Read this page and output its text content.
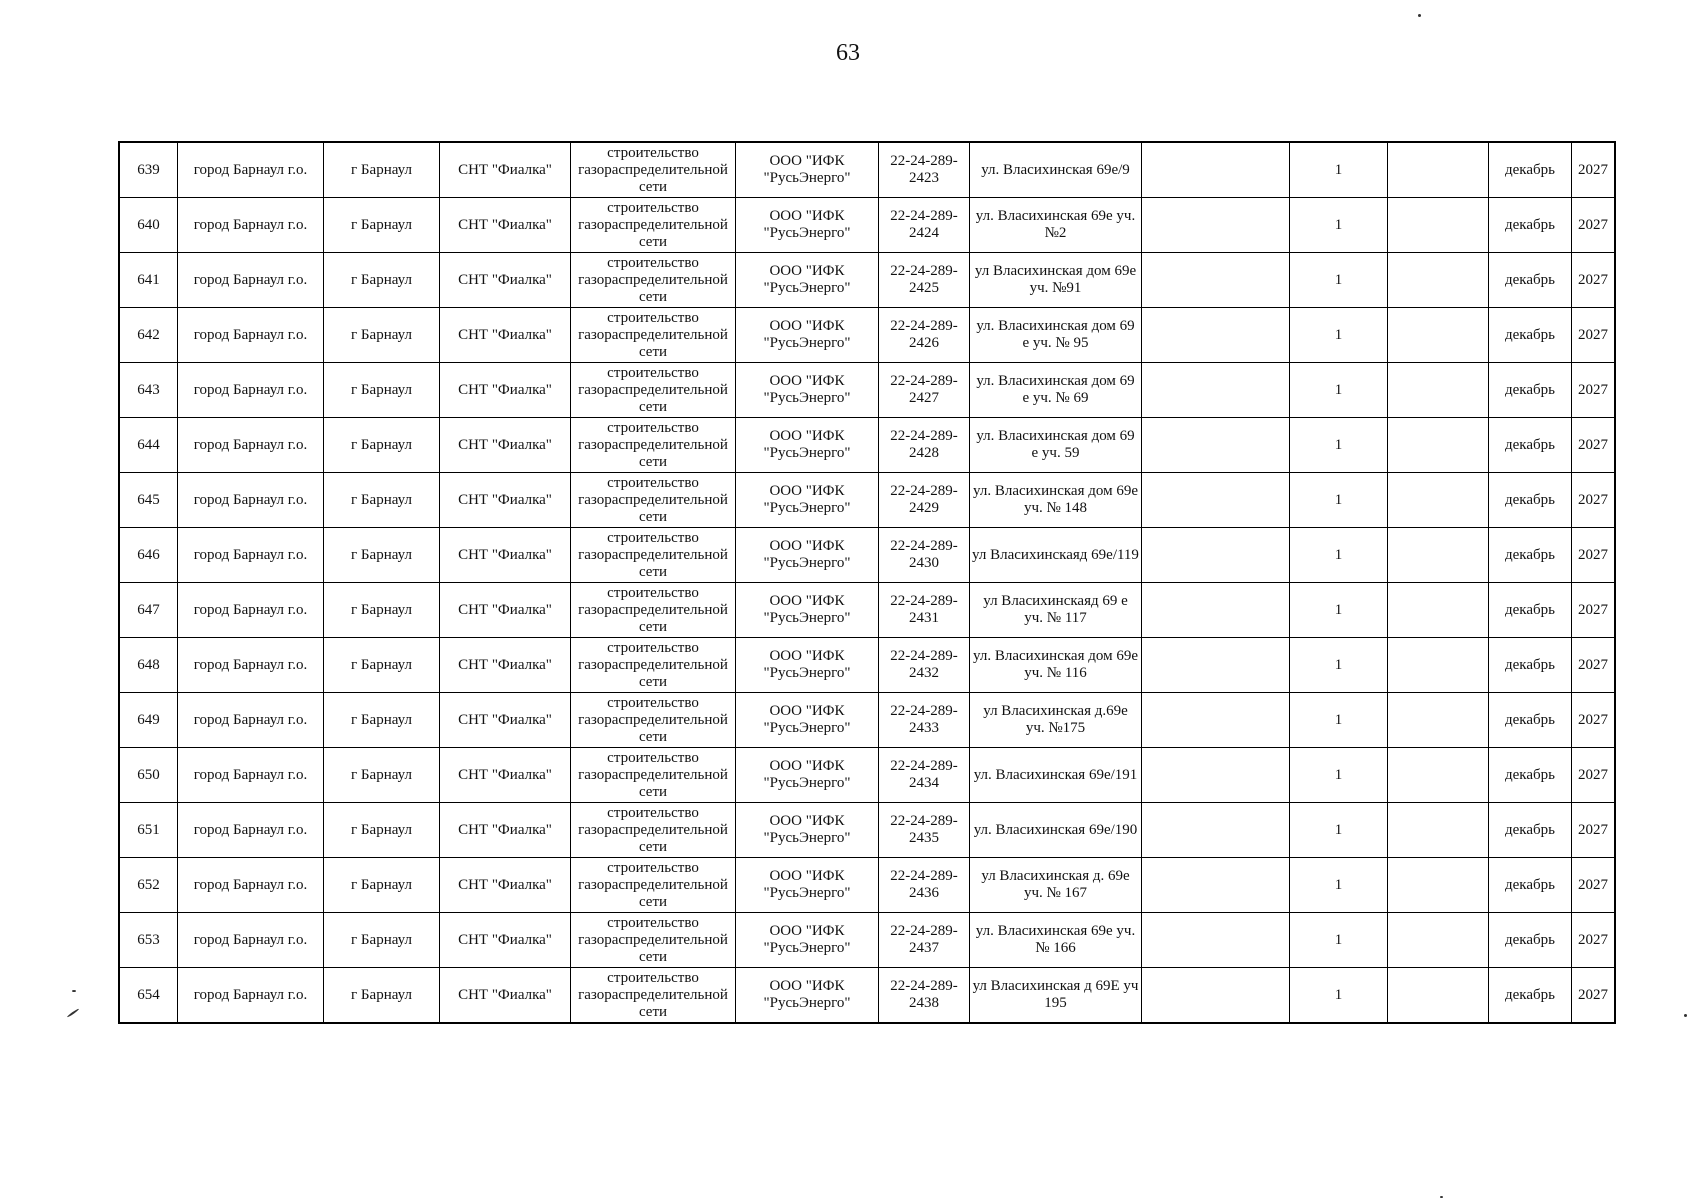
63
639	город Барнаул г.о.	г Барнаул	СНТ "Фиалка"	строительство газораспределительной сети	ООО "ИФК "РусьЭнерго"	22-24-289-2423	ул. Власихинская 69е/9		1		декабрь	2027
640	город Барнаул г.о.	г Барнаул	СНТ "Фиалка"	строительство газораспределительной сети	ООО "ИФК "РусьЭнерго"	22-24-289-2424	ул. Власихинская 69е уч. №2		1		декабрь	2027
641	город Барнаул г.о.	г Барнаул	СНТ "Фиалка"	строительство газораспределительной сети	ООО "ИФК "РусьЭнерго"	22-24-289-2425	ул Власихинская дом 69е уч. №91		1		декабрь	2027
642	город Барнаул г.о.	г Барнаул	СНТ "Фиалка"	строительство газораспределительной сети	ООО "ИФК "РусьЭнерго"	22-24-289-2426	ул. Власихинская дом 69 е уч. № 95		1		декабрь	2027
643	город Барнаул г.о.	г Барнаул	СНТ "Фиалка"	строительство газораспределительной сети	ООО "ИФК "РусьЭнерго"	22-24-289-2427	ул. Власихинская дом 69 е уч. № 69		1		декабрь	2027
644	город Барнаул г.о.	г Барнаул	СНТ "Фиалка"	строительство газораспределительной сети	ООО "ИФК "РусьЭнерго"	22-24-289-2428	ул. Власихинская дом 69 е уч. 59		1		декабрь	2027
645	город Барнаул г.о.	г Барнаул	СНТ "Фиалка"	строительство газораспределительной сети	ООО "ИФК "РусьЭнерго"	22-24-289-2429	ул. Власихинская дом 69е уч. № 148		1		декабрь	2027
646	город Барнаул г.о.	г Барнаул	СНТ "Фиалка"	строительство газораспределительной сети	ООО "ИФК "РусьЭнерго"	22-24-289-2430	ул Власихинскаяд 69е/119		1		декабрь	2027
647	город Барнаул г.о.	г Барнаул	СНТ "Фиалка"	строительство газораспределительной сети	ООО "ИФК "РусьЭнерго"	22-24-289-2431	ул Власихинскаяд 69 е уч. № 117		1		декабрь	2027
648	город Барнаул г.о.	г Барнаул	СНТ "Фиалка"	строительство газораспределительной сети	ООО "ИФК "РусьЭнерго"	22-24-289-2432	ул. Власихинская дом 69е уч. № 116		1		декабрь	2027
649	город Барнаул г.о.	г Барнаул	СНТ "Фиалка"	строительство газораспределительной сети	ООО "ИФК "РусьЭнерго"	22-24-289-2433	ул Власихинская д.69е уч. №175		1		декабрь	2027
650	город Барнаул г.о.	г Барнаул	СНТ "Фиалка"	строительство газораспределительной сети	ООО "ИФК "РусьЭнерго"	22-24-289-2434	ул. Власихинская 69е/191		1		декабрь	2027
651	город Барнаул г.о.	г Барнаул	СНТ "Фиалка"	строительство газораспределительной сети	ООО "ИФК "РусьЭнерго"	22-24-289-2435	ул. Власихинская 69е/190		1		декабрь	2027
652	город Барнаул г.о.	г Барнаул	СНТ "Фиалка"	строительство газораспределительной сети	ООО "ИФК "РусьЭнерго"	22-24-289-2436	ул Власихинская д. 69е уч. № 167		1		декабрь	2027
653	город Барнаул г.о.	г Барнаул	СНТ "Фиалка"	строительство газораспределительной сети	ООО "ИФК "РусьЭнерго"	22-24-289-2437	ул. Власихинская 69е уч. № 166		1		декабрь	2027
654	город Барнаул г.о.	г Барнаул	СНТ "Фиалка"	строительство газораспределительной сети	ООО "ИФК "РусьЭнерго"	22-24-289-2438	ул Власихинская д 69Е уч 195		1		декабрь	2027
